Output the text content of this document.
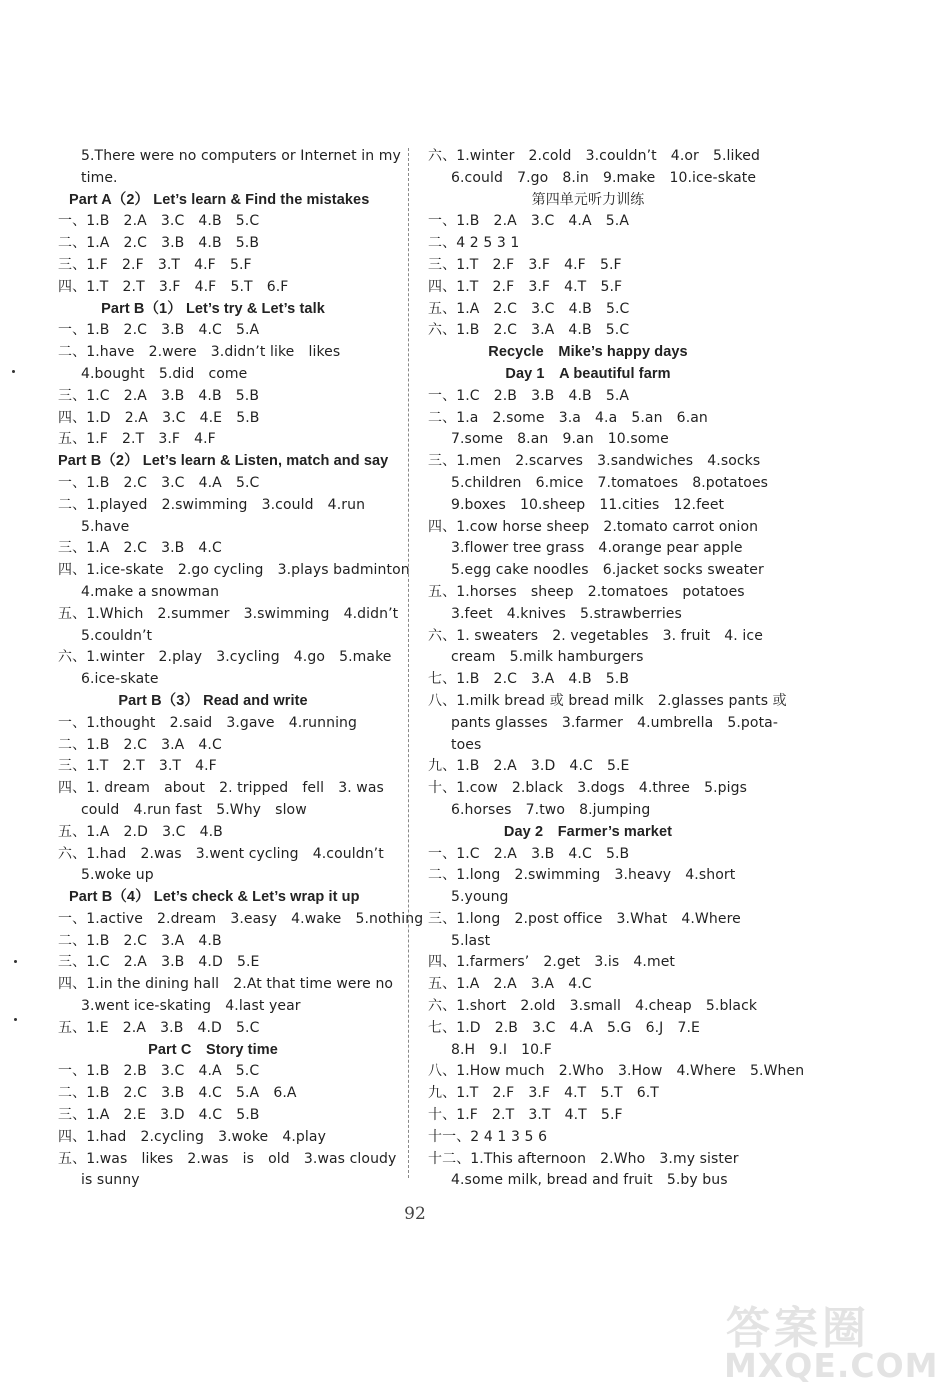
5.There were no computers or Internet in my
time.
Part A（2） Let’s learn & Find the mistakes
一、1.B　2.A　3.C　4.B　5.C
二、1.A　2.C　3.B　4.B　5.B
三、1.F　2.F　3.T　4.F　5.F
四、1.T　2.T　3.F　4.F　5.T　6.F
Part B（1） Let’s try & Let’s talk
一、1.B　2.C　3.B　4.C　5.A
二、1.have　2.were　3.didn’t like　likes
4.bought　5.did　come
三、1.C　2.A　3.B　4.B　5.B
四、1.D　2.A　3.C　4.E　5.B
五、1.F　2.T　3.F　4.F
Part B（2） Let’s learn & Listen, match and say
一、1.B　2.C　3.C　4.A　5.C
二、1.played　2.swimming　3.could　4.run
5.have
三、1.A　2.C　3.B　4.C
四、1.ice-skate　2.go cycling　3.plays badminton
4.make a snowman
五、1.Which　2.summer　3.swimming　4.didn’t
5.couldn’t
六、1.winter　2.play　3.cycling　4.go　5.make
6.ice-skate
Part B（3） Read and write
一、1.thought　2.said　3.gave　4.running
二、1.B　2.C　3.A　4.C
三、1.T　2.T　3.T　4.F
四、1. dream　about　2. tripped　fell　3. was
could　4.run fast　5.Why　slow
五、1.A　2.D　3.C　4.B
六、1.had　2.was　3.went cycling　4.couldn’t
5.woke up
Part B（4） Let’s check & Let’s wrap it up
一、1.active　2.dream　3.easy　4.wake　5.nothing
二、1.B　2.C　3.A　4.B
三、1.C　2.A　3.B　4.D　5.E
四、1.in the dining hall　2.At that time were no
3.went ice-skating　4.last year
五、1.E　2.A　3.B　4.D　5.C
Part C　Story time
一、1.B　2.B　3.C　4.A　5.C
二、1.B　2.C　3.B　4.C　5.A　6.A
三、1.A　2.E　3.D　4.C　5.B
四、1.had　2.cycling　3.woke　4.play
五、1.was　likes　2.was　is　old　3.was cloudy
is sunny
六、1.winter　2.cold　3.couldn’t　4.or　5.liked
6.could　7.go　8.in　9.make　10.ice-skate
第四单元听力训练
一、1.B　2.A　3.C　4.A　5.A
二、4 2 5 3 1
三、1.T　2.F　3.F　4.F　5.F
四、1.T　2.F　3.F　4.T　5.F
五、1.A　2.C　3.C　4.B　5.C
六、1.B　2.C　3.A　4.B　5.C
Recycle　Mike’s happy days
Day 1　A beautiful farm
一、1.C　2.B　3.B　4.B　5.A
二、1.a　2.some　3.a　4.a　5.an　6.an
7.some　8.an　9.an　10.some
三、1.men　2.scarves　3.sandwiches　4.socks
5.children　6.mice　7.tomatoes　8.potatoes
9.boxes　10.sheep　11.cities　12.feet
四、1.cow horse sheep　2.tomato carrot onion
3.flower tree grass　4.orange pear apple
5.egg cake noodles　6.jacket socks sweater
五、1.horses　sheep　2.tomatoes　potatoes
3.feet　4.knives　5.strawberries
六、1. sweaters　2. vegetables　3. fruit　4. ice
cream　5.milk hamburgers
七、1.B　2.C　3.A　4.B　5.B
八、1.milk bread 或 bread milk　2.glasses pants 或
pants glasses　3.farmer　4.umbrella　5.pota-
toes
九、1.B　2.A　3.D　4.C　5.E
十、1.cow　2.black　3.dogs　4.three　5.pigs
6.horses　7.two　8.jumping
Day 2　Farmer’s market
一、1.C　2.A　3.B　4.C　5.B
二、1.long　2.swimming　3.heavy　4.short
5.young
三、1.long　2.post office　3.What　4.Where
5.last
四、1.farmers’　2.get　3.is　4.met
五、1.A　2.A　3.A　4.C
六、1.short　2.old　3.small　4.cheap　5.black
七、1.D　2.B　3.C　4.A　5.G　6.J　7.E
8.H　9.I　10.F
八、1.How much　2.Who　3.How　4.Where　5.When
九、1.T　2.F　3.F　4.T　5.T　6.T
十、1.F　2.T　3.T　4.T　5.F
十一、2 4 1 3 5 6
十二、1.This afternoon　2.Who　3.my sister
4.some milk, bread and fruit　5.by bus
92
答案圈
MXQE.COM
